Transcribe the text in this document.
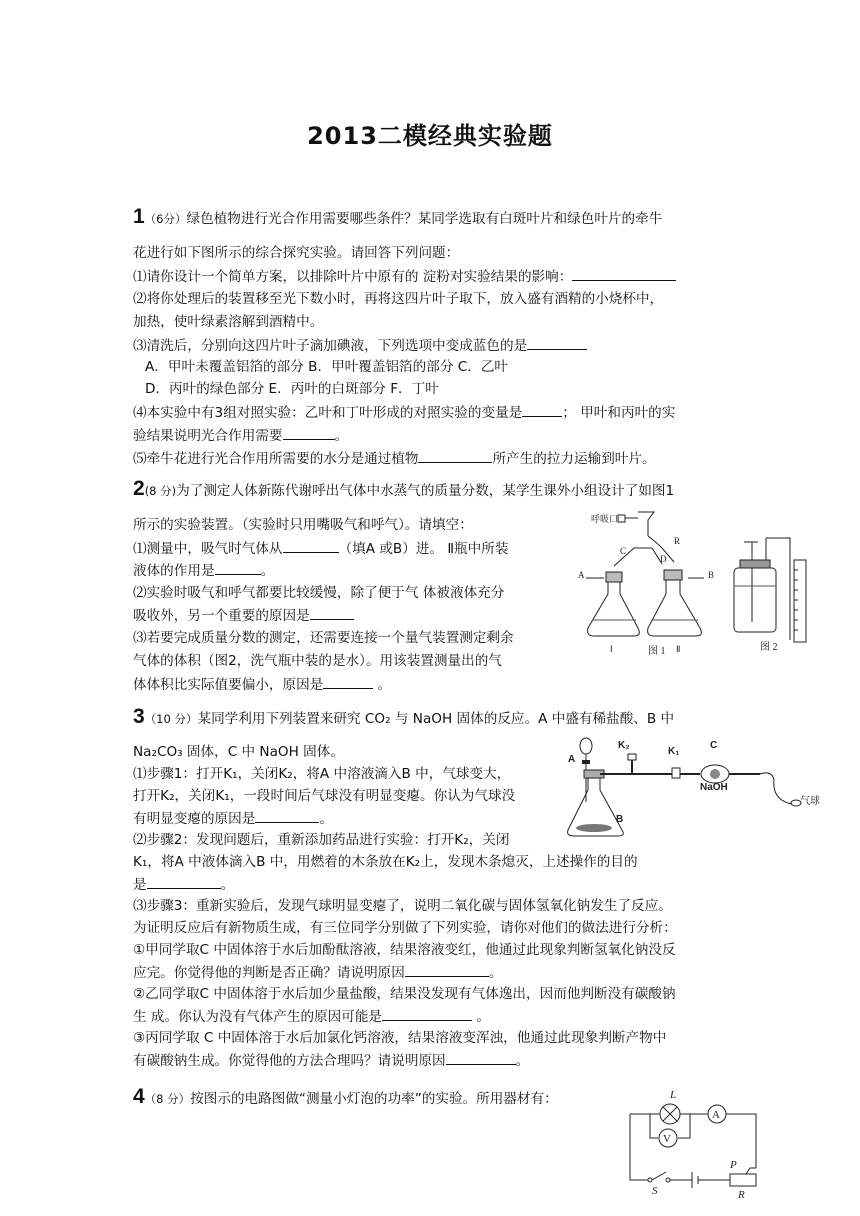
2013二模经典实验题
1（6分）绿色植物进行光合作用需要哪些条件？某同学选取有白斑叶片和绿色叶片的牵牛
花进行如下图所示的综合探究实验。请回答下列问题：
⑴请你设计一个简单方案，以排除叶片中原有的 淀粉对实验结果的影响：
⑵将你处理后的装置移至光下数小时，再将这四片叶子取下，放入盛有酒精的小烧杯中，
加热，使叶绿素溶解到酒精中。
⑶清洗后，分别向这四片叶子滴加碘液，下列选项中变成蓝色的是
A．甲叶未覆盖铝箔的部分 B．甲叶覆盖铝箔的部分 C．乙叶
D．丙叶的绿色部分 E．丙叶的白斑部分 F．丁叶
⑷本实验中有3组对照实验：乙叶和丁叶形成的对照实验的变量是	； 甲叶和丙叶的实
验结果说明光合作用需要	。
⑸牵牛花进行光合作用所需要的水分是通过植物	所产生的拉力运输到叶片。
2(8 分)为了测定人体新陈代谢呼出气体中水蒸气的质量分数，某学生课外小组设计了如图1
所示的实验装置。（实验时只用嘴吸气和呼气）。请填空：
⑴测量中，吸气时气体从	（填A 或B）进。 Ⅱ瓶中所装
液体的作用是	。
⑵实验时吸气和呼气都要比较缓慢，除了便于气 体被液体充分
吸收外，另一个重要的原因是
⑶若要完成质量分数的测定，还需要连接一个量气装置测定剩余
气体的体积（图2，洗气瓶中装的是水）。用该装置测量出的气
体体积比实际值要偏小，原因是	。
呼吸口
C
D
R
A	B
Ⅰ	图 1 Ⅱ	图 2
3（10 分）某同学利用下列装置来研究 CO₂ 与 NaOH 固体的反应。A 中盛有稀盐酸、B 中
Na₂CO₃ 固体，C 中 NaOH 固体。
⑴步骤1：打开K₁，关闭K₂，将A 中溶液滴入B 中，气球变大，
打开K₂，关闭K₁，一段时间后气球没有明显变瘪。你认为气球没
有明显变瘪的原因是	。
⑵步骤2：发现问题后，重新添加药品进行实验：打开K₂，关闭
K₁，将A 中液体滴入B 中，用燃着的木条放在K₂上，发现木条熄灭，上述操作的目的
是	。
⑶步骤3：重新实验后，发现气球明显变瘪了，说明二氧化碳与固体氢氧化钠发生了反应。
为证明反应后有新物质生成，有三位同学分别做了下列实验，请你对他们的做法进行分析：
①甲同学取C 中固体溶于水后加酚酞溶液，结果溶液变红，他通过此现象判断氢氧化钠没反
应完。你觉得他的判断是否正确？请说明原因	。
②乙同学取C 中固体溶于水后加少量盐酸，结果没发现有气体逸出，因而他判断没有碳酸钠
生 成。你认为没有气体产生的原因可能是	。
③丙同学取 C 中固体溶于水后加氯化钙溶液，结果溶液变浑浊，他通过此现象判断产物中
有碳酸钠生成。你觉得他的方法合理吗？请说明原因	。
A
B
K₂
K₁
C
NaOH
气球
4（8 分）按图示的电路图做“测量小灯泡的功率”的实验。所用器材有：	L
A
V
S
P
R
